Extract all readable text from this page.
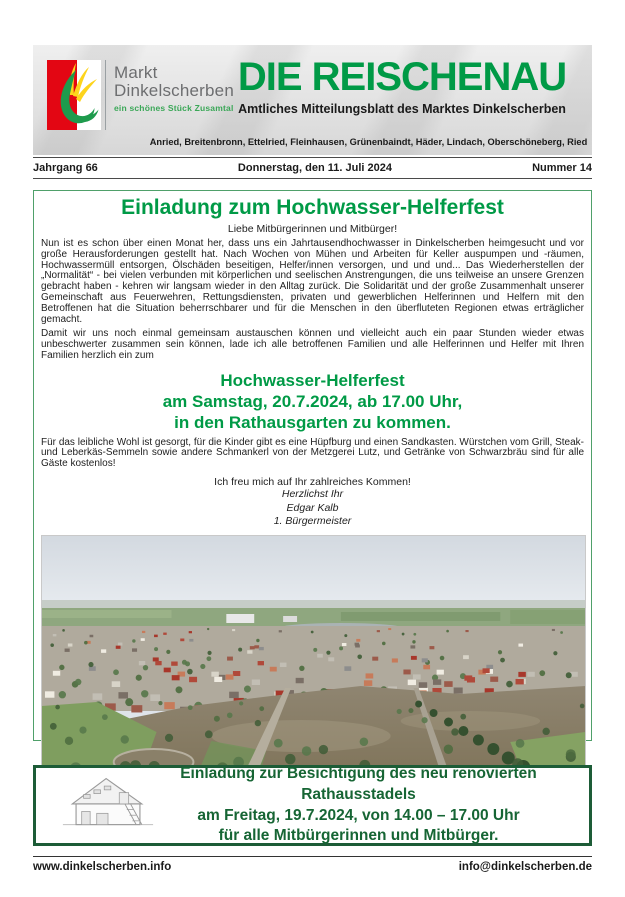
Markt
Dinkelscherben
ein schönes Stück Zusamtal
DIE REISCHENAU
Amtliches Mitteilungsblatt des Marktes Dinkelscherben
Anried, Breitenbronn, Ettelried, Fleinhausen, Grünenbaindt, Häder, Lindach, Oberschöneberg, Ried
Jahrgang 66	Donnerstag, den 11. Juli 2024	Nummer 14
Einladung zum Hochwasser-Helferfest
Liebe Mitbürgerinnen und Mitbürger!
Nun ist es schon über einen Monat her, dass uns ein Jahrtausendhochwasser in Dinkelscherben heimgesucht und vor große Herausforderungen gestellt hat. Nach Wochen von Mühen und Arbeiten für Keller auspumpen und -räumen, Hochwassermüll entsorgen, Ölschäden beseitigen, Helfer/innen versorgen, und und und... Das Wiederherstellen der „Normalität“ - bei vielen verbunden mit körperlichen und seelischen Anstrengungen, die uns teilweise an unsere Grenzen gebracht haben - kehren wir langsam wieder in den Alltag zurück. Die Solidarität und der große Zusammenhalt unserer Gemeinschaft aus Feuerwehren, Rettungsdiensten, privaten und gewerblichen Helferinnen und Helfern mit den Betroffenen hat die Situation beherrschbarer und für die Menschen in den überfluteten Regionen etwas erträglicher gemacht.
Damit wir uns noch einmal gemeinsam austauschen können und vielleicht auch ein paar Stunden wieder etwas unbeschwerter zusammen sein können, lade ich alle betroffenen Familien und alle Helferinnen und Helfer mit Ihren Familien herzlich ein zum
Hochwasser-Helferfest
am Samstag, 20.7.2024, ab 17.00 Uhr,
in den Rathausgarten zu kommen.
Für das leibliche Wohl ist gesorgt, für die Kinder gibt es eine Hüpfburg und einen Sandkasten. Würstchen vom Grill, Steak- und Leberkäs-Semmeln sowie andere Schmankerl von der Metzgerei Lutz, und Getränke von Schwarzbräu sind für alle Gäste kostenlos!
Ich freu mich auf Ihr zahlreiches Kommen!
Herzlichst Ihr
Edgar Kalb
1. Bürgermeister
Einladung zur Besichtigung des neu renovierten Rathausstadels
am Freitag, 19.7.2024, von 14.00 – 17.00 Uhr
für alle Mitbürgerinnen und Mitbürger.
www.dinkelscherben.info	info@dinkelscherben.de
